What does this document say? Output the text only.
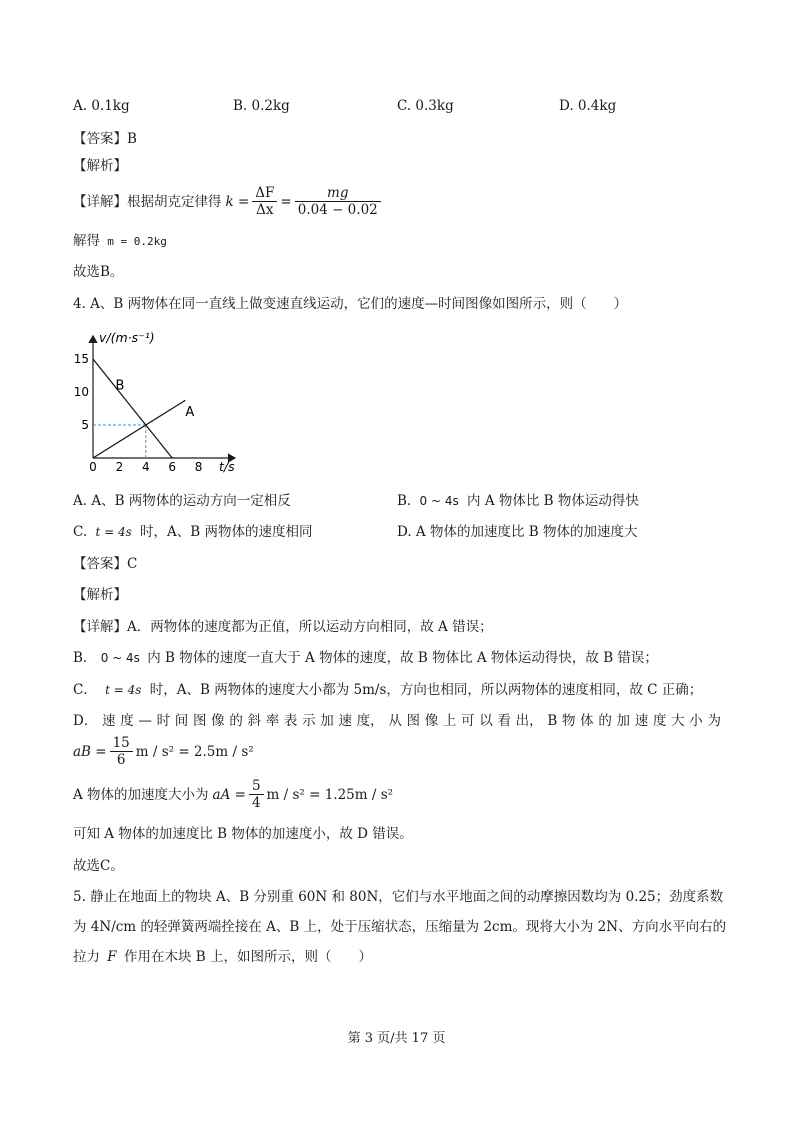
A. 0.1kg	B. 0.2kg	C. 0.3kg	D. 0.4kg
【答案】B
【解析】
【详解】根据胡克定律得 $k = \frac{\Delta F}{\Delta x} = \frac{mg}{0.04 - 0.02}$
解得 m = 0.2kg
故选B。
4. A、B 两物体在同一直线上做变速直线运动，它们的速度—时间图像如图所示，则（　　）
v/(m·s⁻¹)
t/s
0 2 4 6 8
5
10
15
A
B
A. A、B 两物体的运动方向一定相反	B. 0 ~ 4s 内 A 物体比 B 物体运动得快
C. t = 4s 时，A、B 两物体的速度相同	D. A 物体的加速度比 B 物体的加速度大
【答案】C
【解析】
【详解】A．两物体的速度都为正值，所以运动方向相同，故 A 错误；
B． 0 ~ 4s 内 B 物体的速度一直大于 A 物体的速度，故 B 物体比 A 物体运动得快，故 B 错误；
C． t = 4s 时，A、B 两物体的速度大小都为 5m/s，方向也相同，所以两物体的速度相同，故 C 正确；
D． 速 度 — 时 间 图 像 的 斜 率 表 示 加 速 度， 从 图 像 上 可 以 看 出， B 物 体 的 加 速 度 大 小 为
aB = $\frac{15}{6}$ m / s² = 2.5m / s²
A 物体的加速度大小为 aA = $\frac{5}{4}$ m / s² = 1.25m / s²
可知 A 物体的加速度比 B 物体的加速度小，故 D 错误。
故选C。
5. 静止在地面上的物块 A、B 分别重 60N 和 80N，它们与水平地面之间的动摩擦因数均为 0.25；劲度系数
为 4N/cm 的轻弹簧两端拴接在 A、B 上，处于压缩状态，压缩量为 2cm。现将大小为 2N、方向水平向右的
拉力 F 作用在木块 B 上，如图所示，则（　　）
第 3 页/共 17 页
